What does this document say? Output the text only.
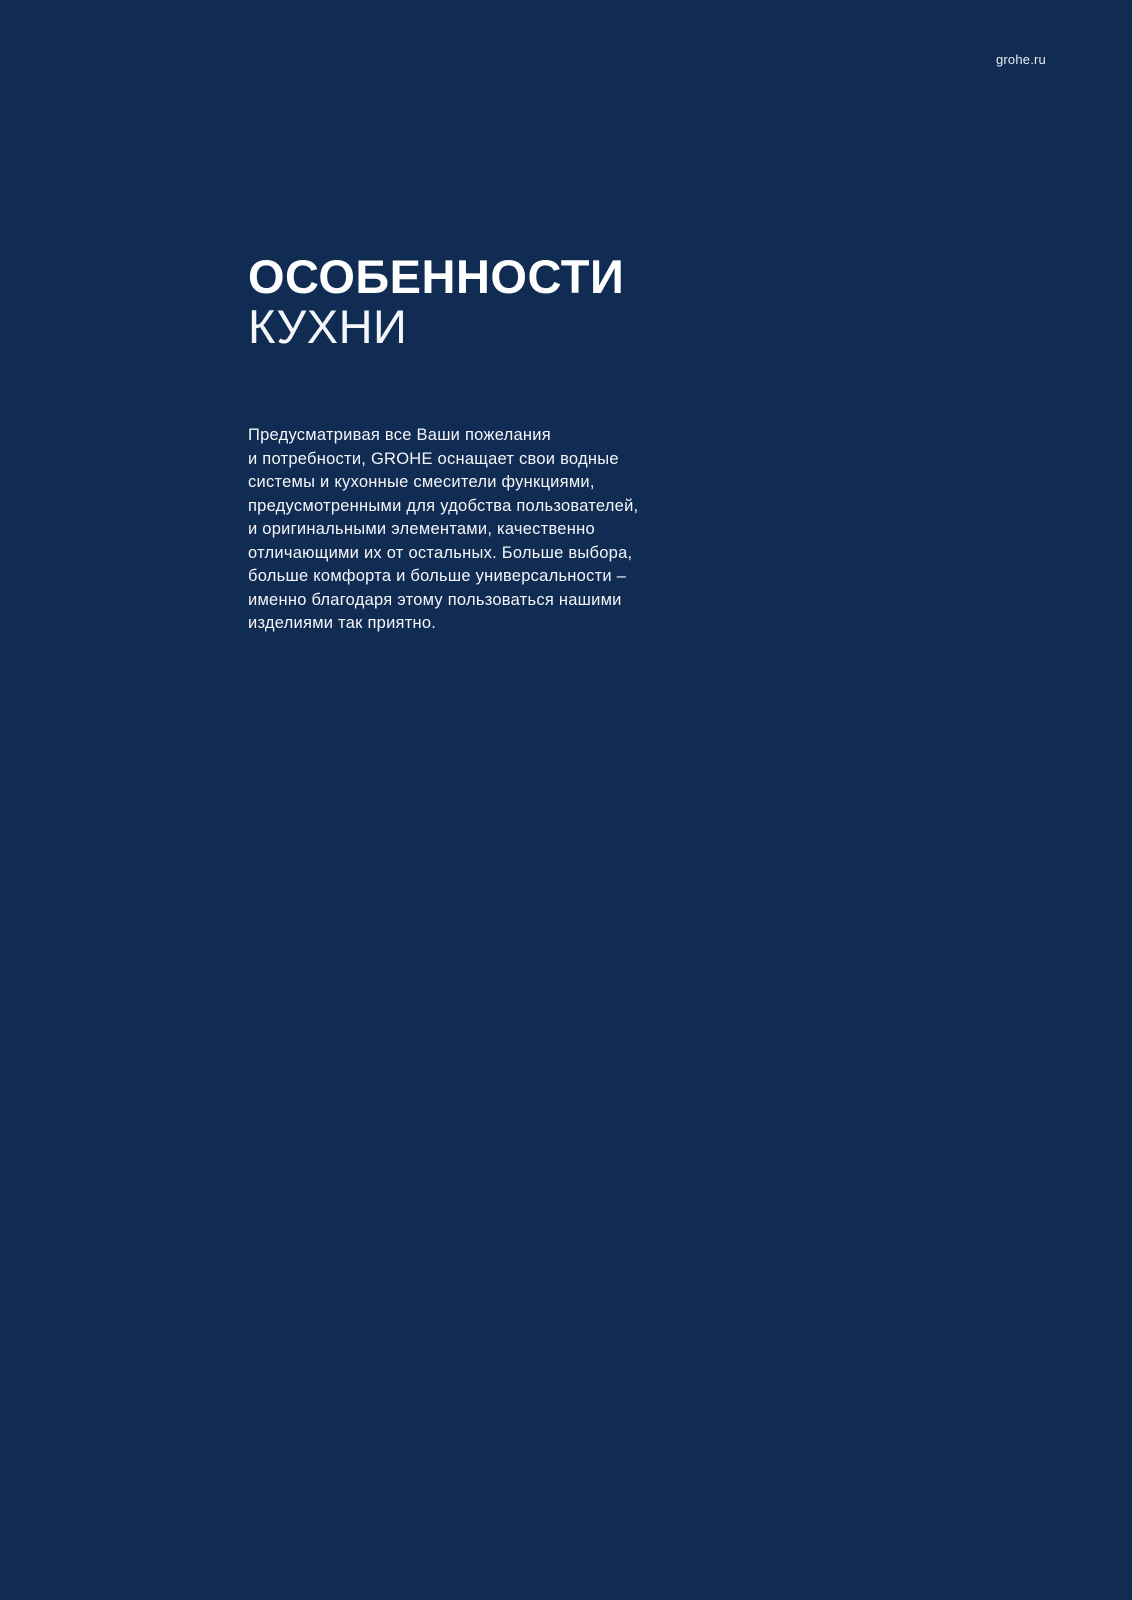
grohe.ru

ОСОБЕННОСТИ
КУХНИ

Предусматривая все Ваши пожелания
и потребности, GROHE оснащает свои водные
системы и кухонные смесители функциями,
предусмотренными для удобства пользователей,
и оригинальными элементами, качественно
отличающими их от остальных. Больше выбора,
больше комфорта и больше универсальности –
именно благодаря этому пользоваться нашими
изделиями так приятно.
